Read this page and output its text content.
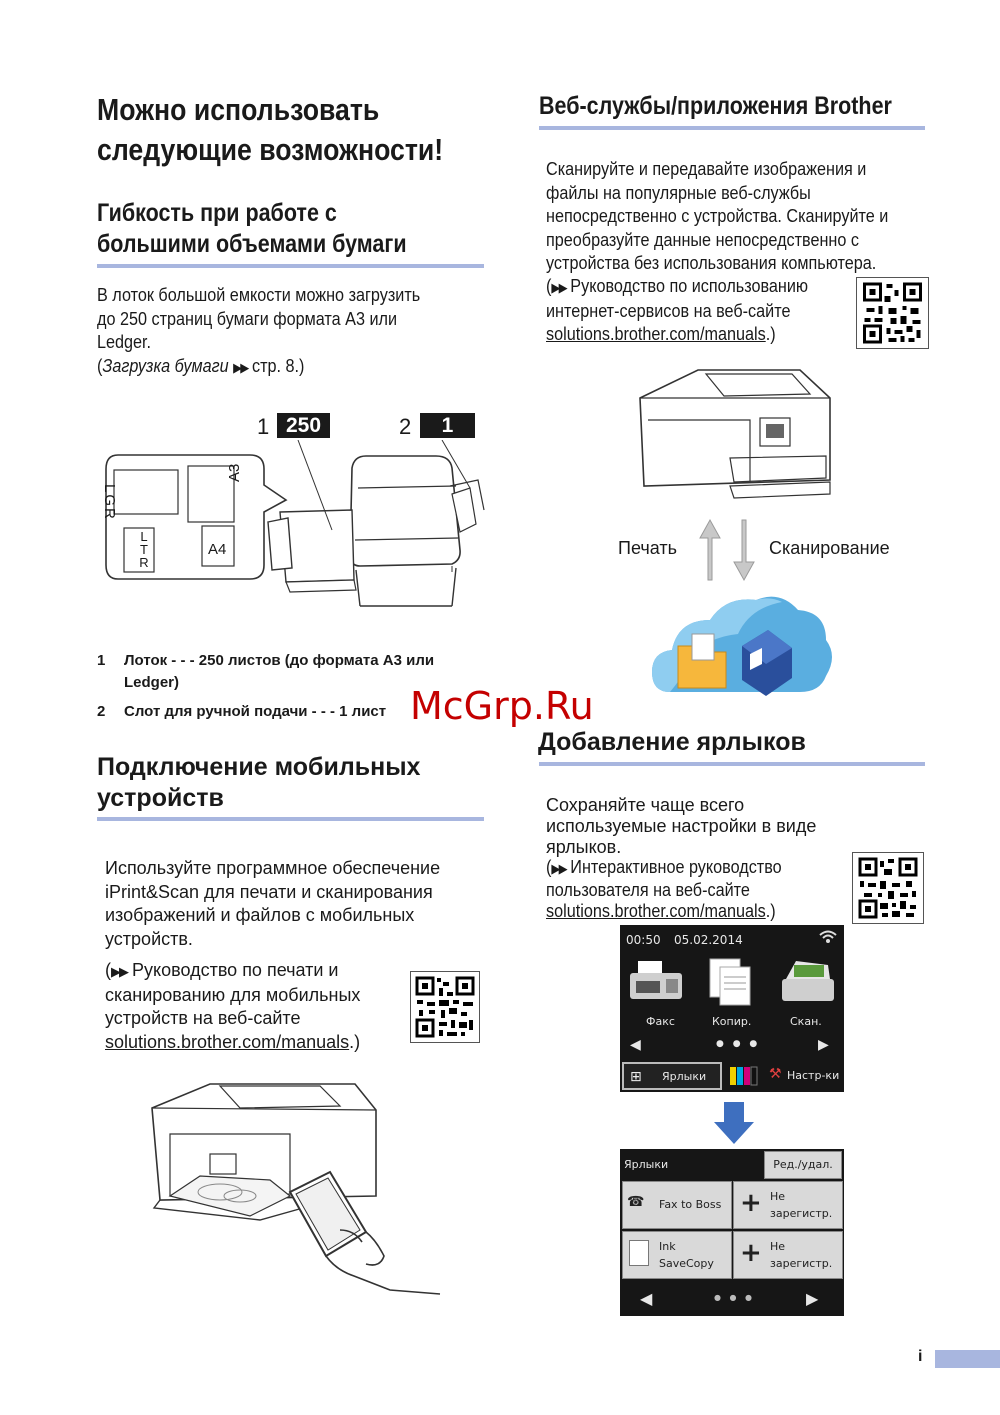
Можно использовать
следующие возможности!
Гибкость при работе с
большими объемами бумаги
В лоток большой емкости можно загрузить
до 250 страниц бумаги формата A3 или
Ledger.
(Загрузка бумаги ▶▶ стр. 8.)
1 250	2	1
LGR
A3
LTR
A4
1 Лоток - - - 250 листов (до формата A3 или
Ledger)
2 Слот для ручной подачи - - - 1 лист
Подключение мобильных
устройств
Используйте программное обеспечение
iPrint&Scan для печати и сканирования
изображений и файлов с мобильных
устройств.
(▶▶ Руководство по печати и
сканированию для мобильных
устройств на веб-сайте
solutions.brother.com/manuals.)
Веб-службы/приложения Brother
Сканируйте и передавайте изображения и
файлы на популярные веб-службы
непосредственно с устройства. Сканируйте и
преобразуйте данные непосредственно с
устройства без использования компьютера.
(▶▶ Руководство по использованию
интернет-сервисов на веб-сайте
solutions.brother.com/manuals.)
Печать	Сканирование
Добавление ярлыков
Сохраняйте чаще всего
используемые настройки в виде
ярлыков.
(▶▶ Интерактивное руководство
пользователя на веб-сайте
solutions.brother.com/manuals.)
00:50 05.02.2014
Факс	Копир.	Скан.
◀	▶
● ● ●
⊞ Ярлыки	⚒ Настр-ки
Ярлыки	Ред./удал.
☎ Fax to Boss + Не
зарегистр.
Ink
SaveCopy + Не
зарегистр.
◀	▶
● ● ●
McGrp.Ru
i
